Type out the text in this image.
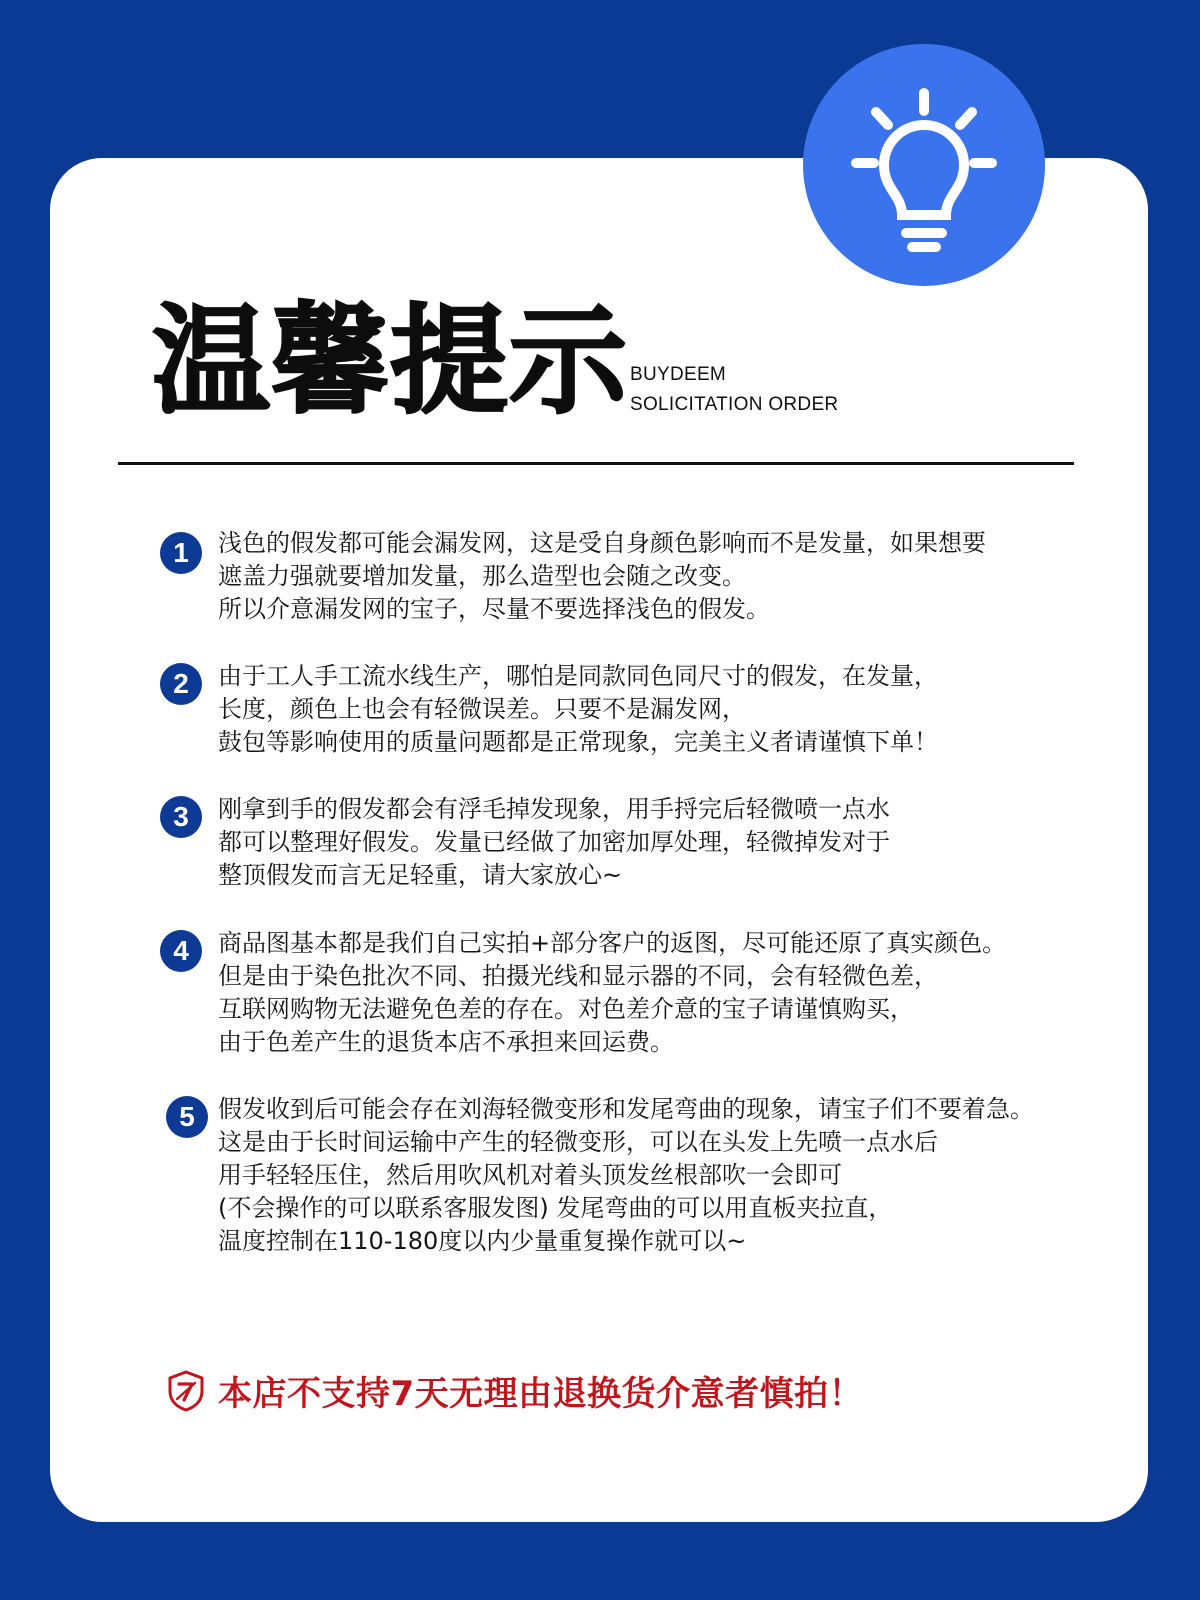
温馨提示 BUYDEEM
SOLICITATION ORDER
1	浅色的假发都可能会漏发网，这是受自身颜色影响而不是发量，如果想要
遮盖力强就要增加发量，那么造型也会随之改变。
所以介意漏发网的宝子，尽量不要选择浅色的假发。
2	由于工人手工流水线生产，哪怕是同款同色同尺寸的假发，在发量，
长度，颜色上也会有轻微误差。只要不是漏发网，
鼓包等影响使用的质量问题都是正常现象，完美主义者请谨慎下单！
3	刚拿到手的假发都会有浮毛掉发现象，用手捋完后轻微喷一点水
都可以整理好假发。发量已经做了加密加厚处理，轻微掉发对于
整顶假发而言无足轻重，请大家放心~
4	商品图基本都是我们自己实拍+部分客户的返图，尽可能还原了真实颜色。
但是由于染色批次不同、拍摄光线和显示器的不同，会有轻微色差，
互联网购物无法避免色差的存在。对色差介意的宝子请谨慎购买，
由于色差产生的退货本店不承担来回运费。
5 假发收到后可能会存在刘海轻微变形和发尾弯曲的现象，请宝子们不要着急。
这是由于长时间运输中产生的轻微变形，可以在头发上先喷一点水后
用手轻轻压住，然后用吹风机对着头顶发丝根部吹一会即可
(不会操作的可以联系客服发图) 发尾弯曲的可以用直板夹拉直，
温度控制在110-180度以内少量重复操作就可以~
本店不支持7天无理由退换货介意者慎拍！
